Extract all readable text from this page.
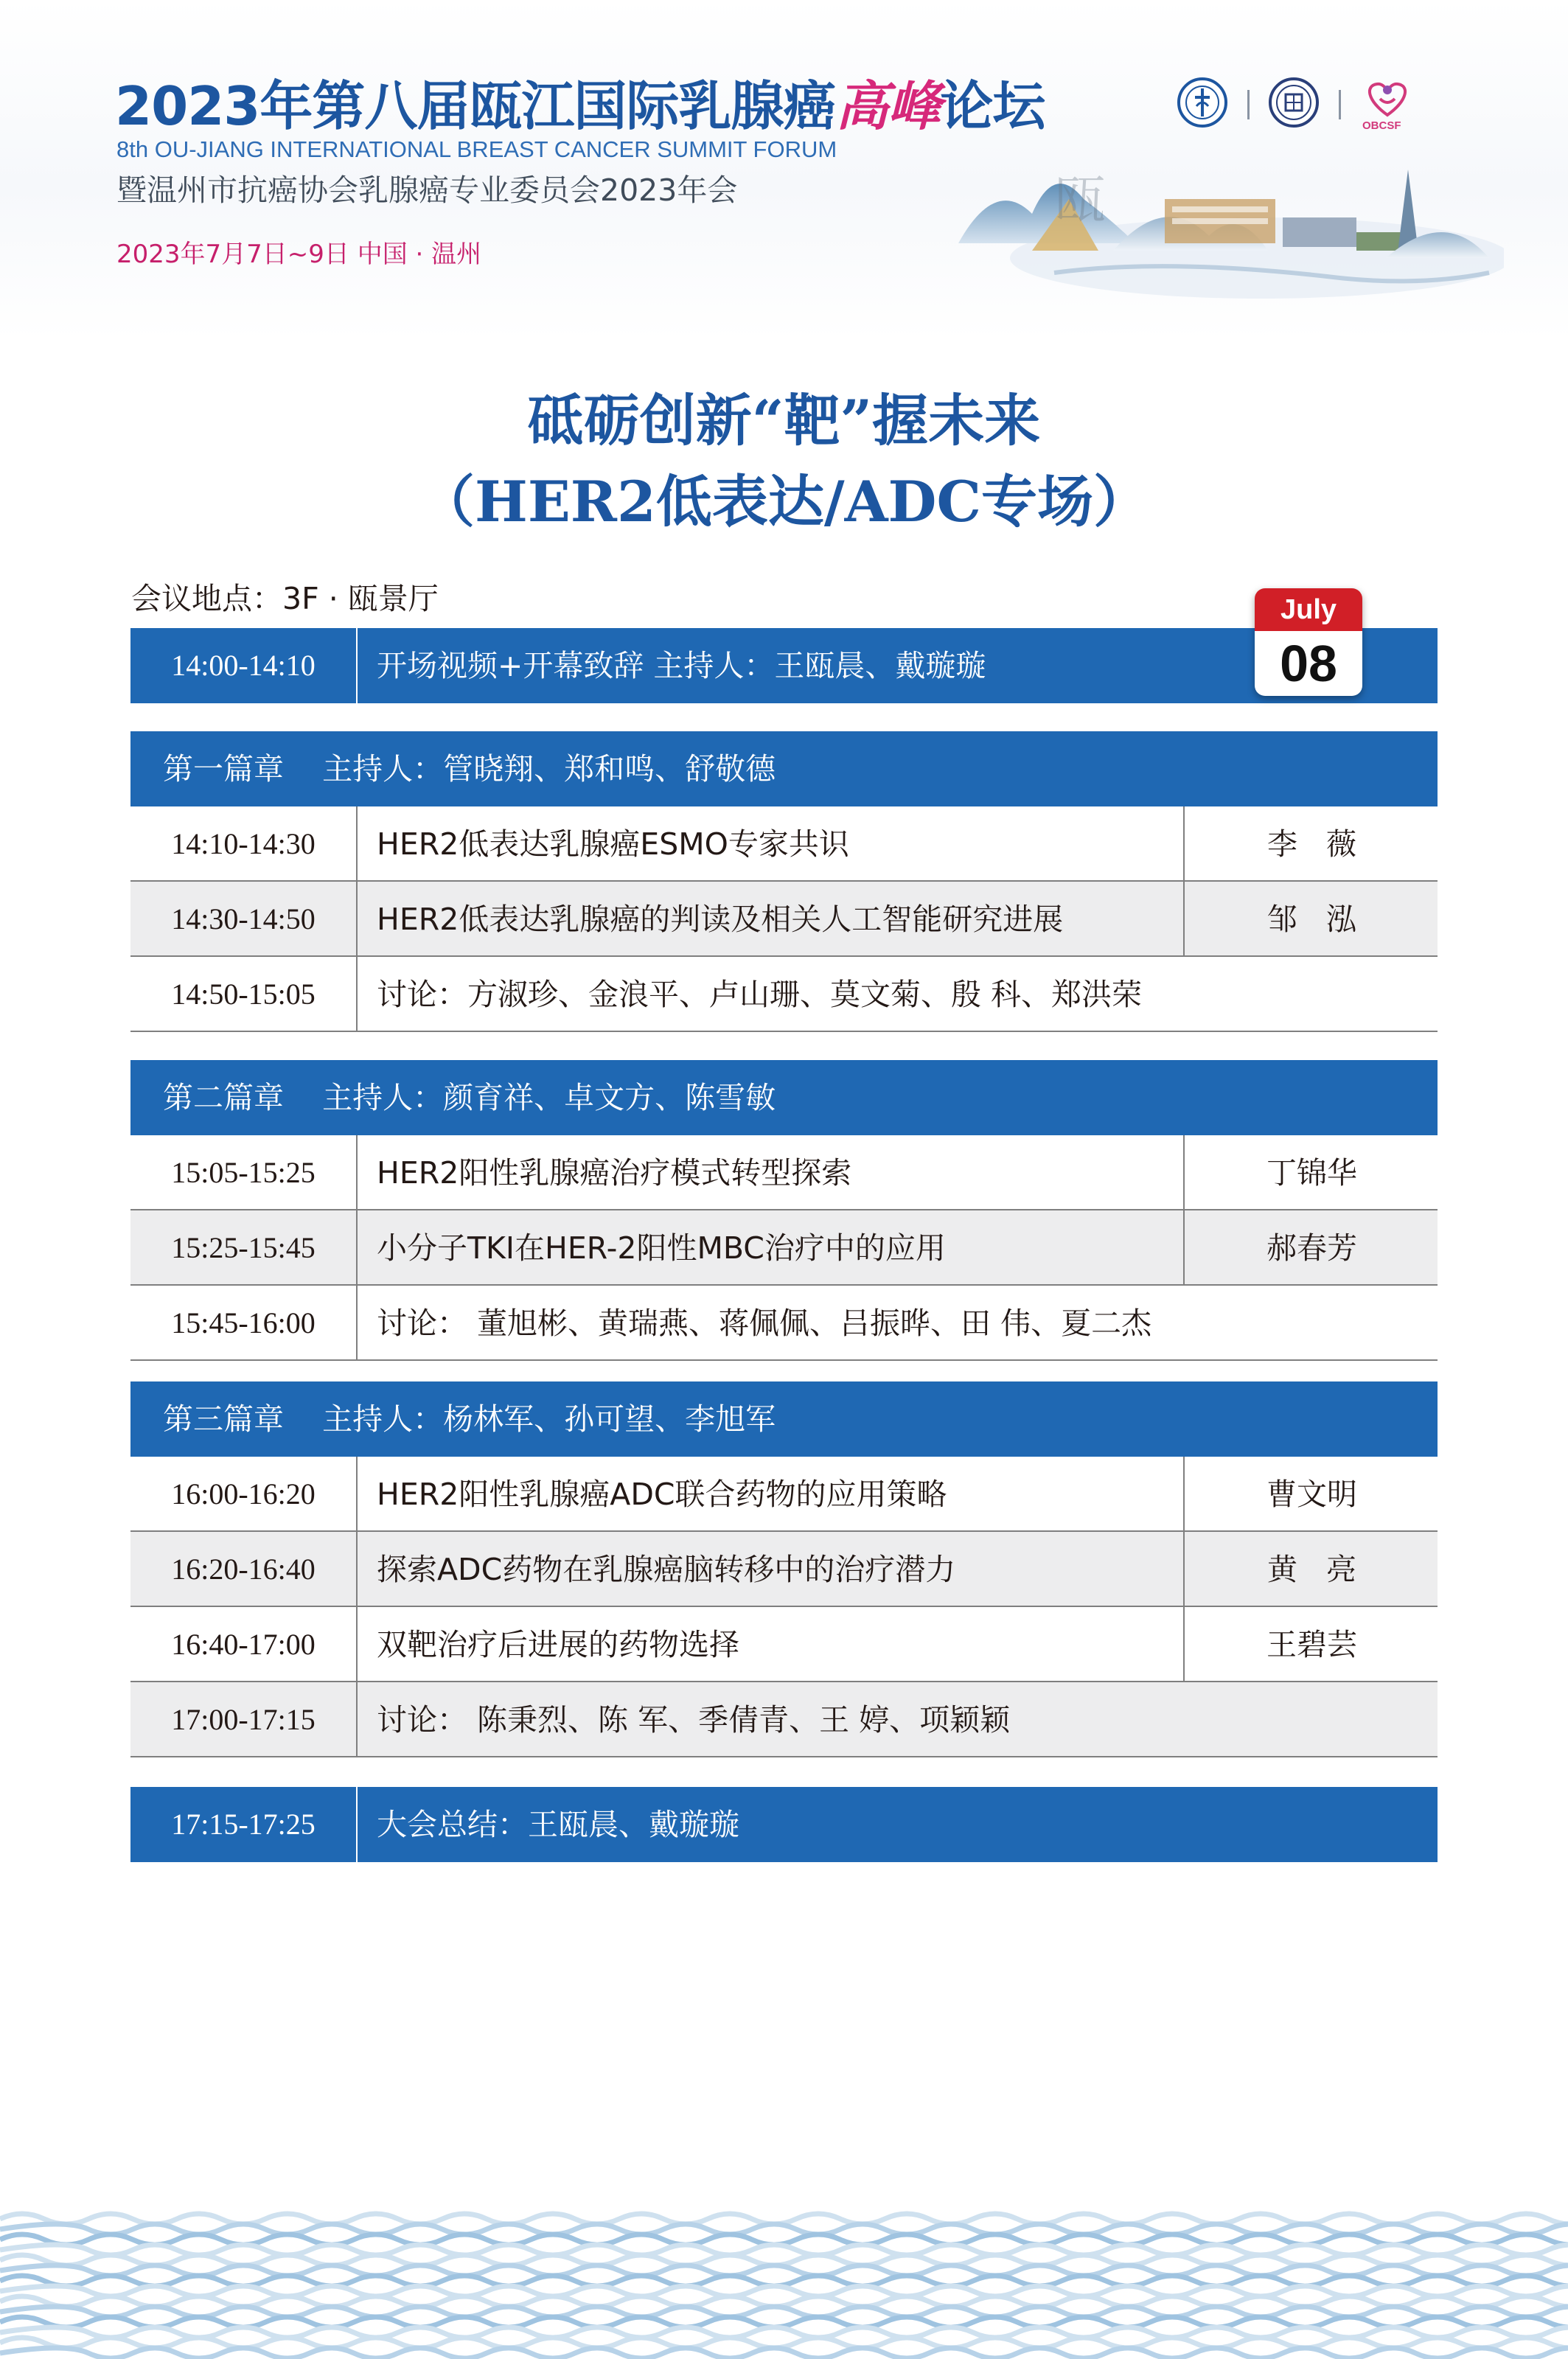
2023年第八届瓯江国际乳腺癌高峰论坛
8th OU-JIANG INTERNATIONAL BREAST CANCER SUMMIT FORUM
暨温州市抗癌协会乳腺癌专业委员会2023年会
2023年7月7日~9日 中国 · 温州
OBCSF
瓯
砥砺创新“靶”握未来
（HER2低表达/ADC专场）
会议地点：3F · 瓯景厅
14:00-14:10	开场视频+开幕致辞 主持人：王瓯晨、戴璇璇
第一篇章    主持人：管晓翔、郑和鸣、舒敬德
14:10-14:30	HER2低表达乳腺癌ESMO专家共识	李   薇
14:30-14:50	HER2低表达乳腺癌的判读及相关人工智能研究进展	邹   泓
14:50-15:05	讨论：方淑珍、金浪平、卢山珊、莫文菊、殷 科、郑洪荣
第二篇章    主持人：颜育祥、卓文方、陈雪敏
15:05-15:25	HER2阳性乳腺癌治疗模式转型探索	丁锦华
15:25-15:45	小分子TKI在HER-2阳性MBC治疗中的应用	郝春芳
15:45-16:00	讨论： 董旭彬、黄瑞燕、蒋佩佩、吕振晔、田 伟、夏二杰
第三篇章    主持人：杨林军、孙可望、李旭军
16:00-16:20	HER2阳性乳腺癌ADC联合药物的应用策略	曹文明
16:20-16:40	探索ADC药物在乳腺癌脑转移中的治疗潜力	黄   亮
16:40-17:00	双靶治疗后进展的药物选择	王碧芸
17:00-17:15	讨论： 陈秉烈、陈 军、季倩青、王 婷、项颖颖
17:15-17:25	大会总结：王瓯晨、戴璇璇
July
08
